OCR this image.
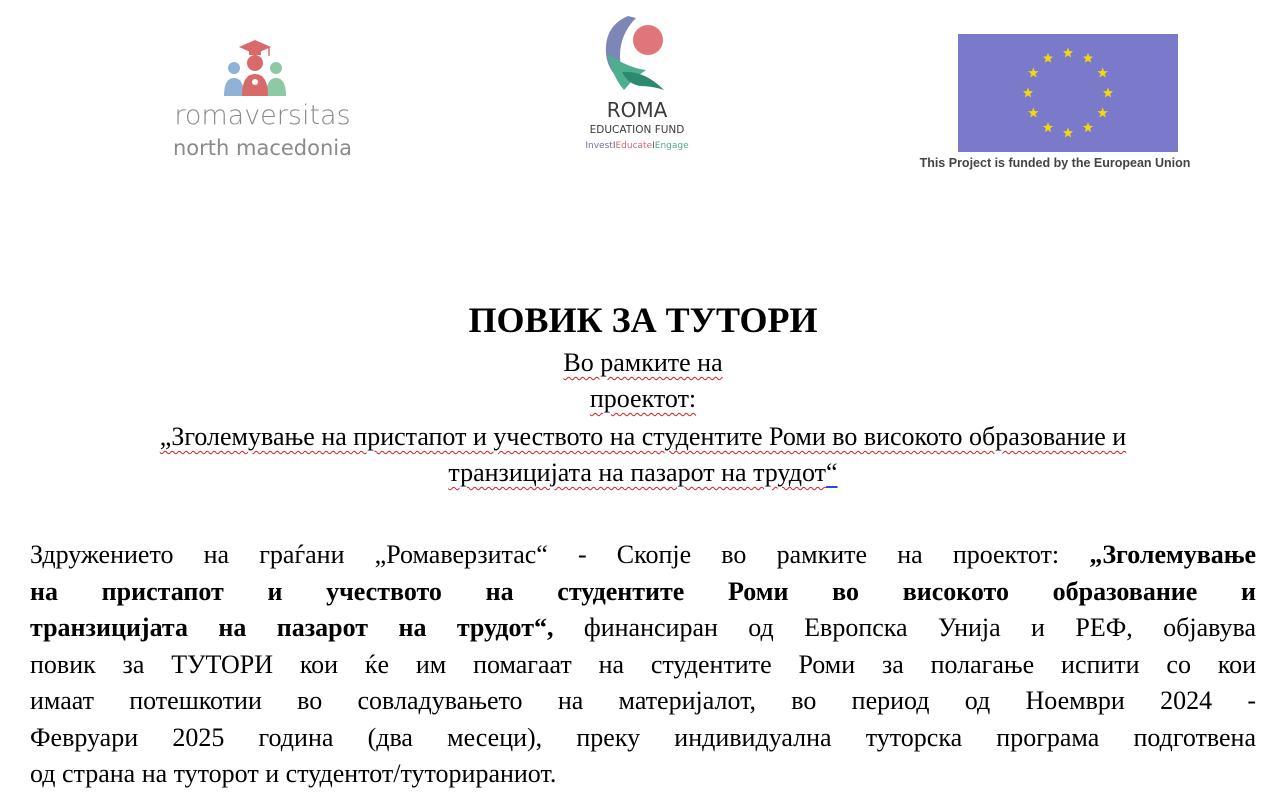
romaversitas
north macedonia
ROMA
EDUCATION FUND
InvestIEducateIEngage
This Project is funded by the European Union
ПОВИК ЗА ТУТОРИ
Во рамките на
проектот:
„Зголемување на пристапот и учеството на студентите Роми во високото образование и
транзицијата на пазарот на трудот“

Здружението на граѓани „Ромаверзитас“ - Скопје во рамките на проектот: „Зголемување
на пристапот и учеството на студентите Роми во високото образование и
транзицијата на пазарот на трудот“, финансиран од Европска Унија и РЕФ, објавува
повик за ТУТОРИ кои ќе им помагаат на студентите Роми за полагање испити со кои
имаат потешкотии во совладувањето на материјалот, во период од Ноември 2024 -
Февруари 2025 година (два месеци), преку индивидуална туторска програма подготвена
од страна на туторот и студентот/туторираниот.
